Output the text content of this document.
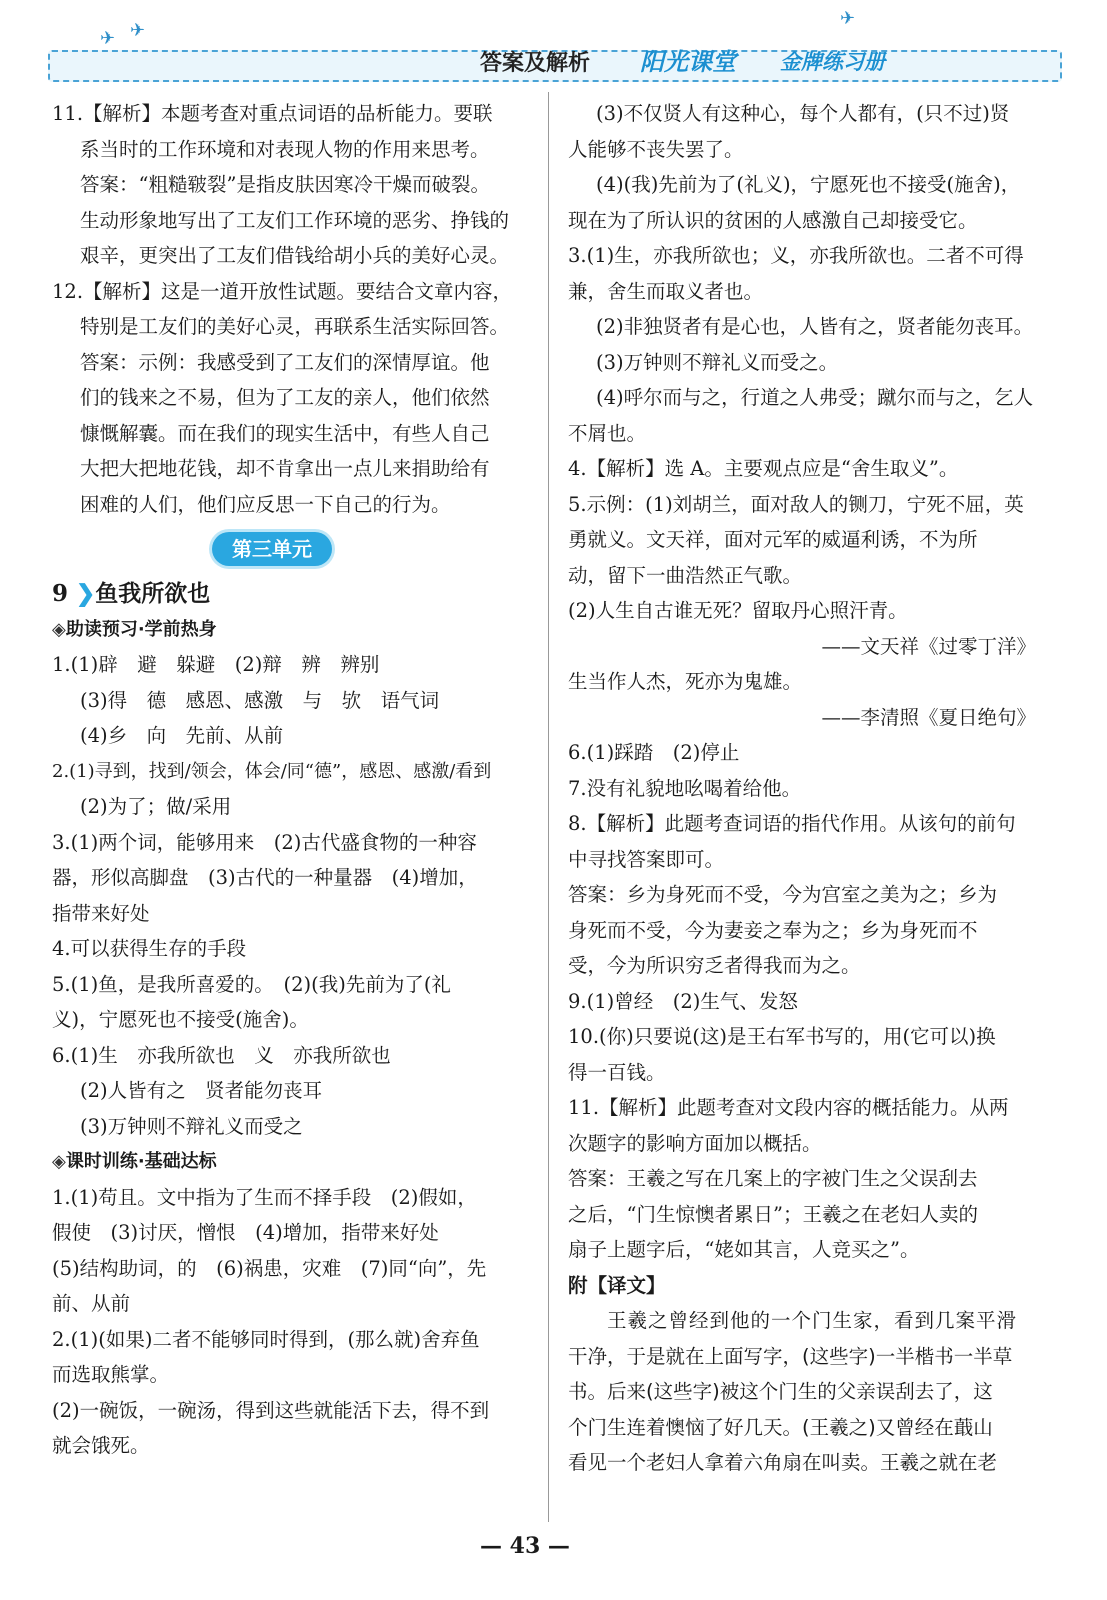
✈ ✈
✈
答案及解析 阳光课堂 金牌练习册
11.【解析】本题考查对重点词语的品析能力。要联
系当时的工作环境和对表现人物的作用来思考。
答案：“粗糙皲裂”是指皮肤因寒冷干燥而破裂。
生动形象地写出了工友们工作环境的恶劣、挣钱的
艰辛，更突出了工友们借钱给胡小兵的美好心灵。
12.【解析】这是一道开放性试题。要结合文章内容，
特别是工友们的美好心灵，再联系生活实际回答。
答案：示例：我感受到了工友们的深情厚谊。他
们的钱来之不易，但为了工友的亲人，他们依然
慷慨解囊。而在我们的现实生活中，有些人自己
大把大把地花钱，却不肯拿出一点儿来捐助给有
困难的人们，他们应反思一下自己的行为。
第三单元
9 ❯鱼我所欲也
◈助读预习·学前热身
1.(1)辟　避　躲避　(2)辩　辨　辨别
(3)得　德　感恩、感激　与　欤　语气词
(4)乡　向　先前、从前
2.(1)寻到，找到/领会，体会/同“德”，感恩、感激/看到
(2)为了；做/采用
3.(1)两个词，能够用来　(2)古代盛食物的一种容
器，形似高脚盘　(3)古代的一种量器　(4)增加，
指带来好处
4.可以获得生存的手段
5.(1)鱼，是我所喜爱的。　(2)(我)先前为了(礼
义)，宁愿死也不接受(施舍)。
6.(1)生　亦我所欲也　义　亦我所欲也
(2)人皆有之　贤者能勿丧耳
(3)万钟则不辩礼义而受之
◈课时训练·基础达标
1.(1)苟且。文中指为了生而不择手段　(2)假如，
假使　(3)讨厌，憎恨　(4)增加，指带来好处
(5)结构助词，的　(6)祸患，灾难　(7)同“向”，先
前、从前
2.(1)(如果)二者不能够同时得到，(那么就)舍弃鱼
而选取熊掌。
(2)一碗饭，一碗汤，得到这些就能活下去，得不到
就会饿死。
(3)不仅贤人有这种心，每个人都有，(只不过)贤
人能够不丧失罢了。
(4)(我)先前为了(礼义)，宁愿死也不接受(施舍)，
现在为了所认识的贫困的人感激自己却接受它。
3.(1)生，亦我所欲也；义，亦我所欲也。二者不可得
兼，舍生而取义者也。
(2)非独贤者有是心也，人皆有之，贤者能勿丧耳。
(3)万钟则不辩礼义而受之。
(4)呼尔而与之，行道之人弗受；蹴尔而与之，乞人
不屑也。
4.【解析】选 A。主要观点应是“舍生取义”。
5.示例：(1)刘胡兰，面对敌人的铡刀，宁死不屈，英
勇就义。文天祥，面对元军的威逼利诱，不为所
动，留下一曲浩然正气歌。
(2)人生自古谁无死？留取丹心照汗青。
——文天祥《过零丁洋》
生当作人杰，死亦为鬼雄。
——李清照《夏日绝句》
6.(1)踩踏　(2)停止
7.没有礼貌地吆喝着给他。
8.【解析】此题考查词语的指代作用。从该句的前句
中寻找答案即可。
答案：乡为身死而不受，今为宫室之美为之；乡为
身死而不受，今为妻妾之奉为之；乡为身死而不
受，今为所识穷乏者得我而为之。
9.(1)曾经　(2)生气、发怒
10.(你)只要说(这)是王右军书写的，用(它可以)换
得一百钱。
11.【解析】此题考查对文段内容的概括能力。从两
次题字的影响方面加以概括。
答案：王羲之写在几案上的字被门生之父误刮去
之后，“门生惊懊者累日”；王羲之在老妇人卖的
扇子上题字后，“姥如其言，人竞买之”。
附【译文】
王羲之曾经到他的一个门生家，看到几案平滑
干净，于是就在上面写字，(这些字)一半楷书一半草
书。后来(这些字)被这个门生的父亲误刮去了，这
个门生连着懊恼了好几天。(王羲之)又曾经在蕺山
看见一个老妇人拿着六角扇在叫卖。王羲之就在老
— 43 —
